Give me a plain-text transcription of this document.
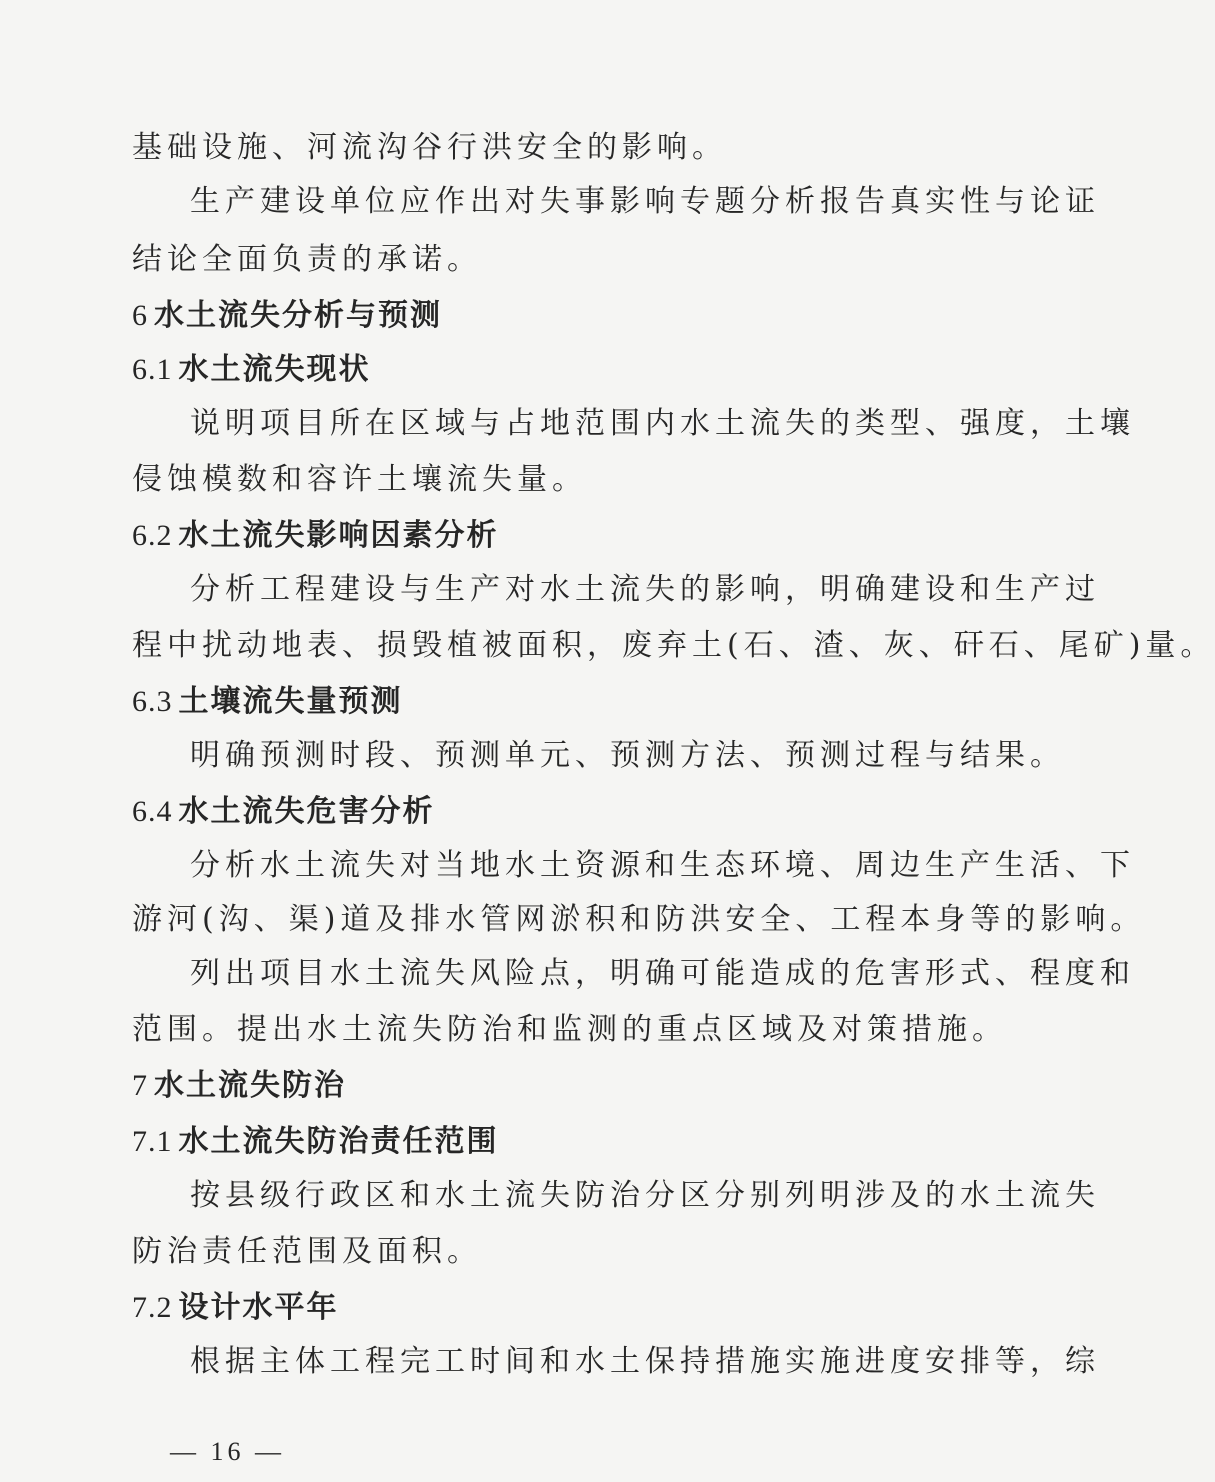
基础设施、河流沟谷行洪安全的影响。
生产建设单位应作出对失事影响专题分析报告真实性与论证
结论全面负责的承诺。
6 水土流失分析与预测
6.1 水土流失现状
说明项目所在区域与占地范围内水土流失的类型、强度，土壤
侵蚀模数和容许土壤流失量。
6.2 水土流失影响因素分析
分析工程建设与生产对水土流失的影响，明确建设和生产过
程中扰动地表、损毁植被面积，废弃土(石、渣、灰、矸石、尾矿)量。
6.3 土壤流失量预测
明确预测时段、预测单元、预测方法、预测过程与结果。
6.4 水土流失危害分析
分析水土流失对当地水土资源和生态环境、周边生产生活、下
游河(沟、渠)道及排水管网淤积和防洪安全、工程本身等的影响。
列出项目水土流失风险点，明确可能造成的危害形式、程度和
范围。提出水土流失防治和监测的重点区域及对策措施。
7 水土流失防治
7.1 水土流失防治责任范围
按县级行政区和水土流失防治分区分别列明涉及的水土流失
防治责任范围及面积。
7.2 设计水平年
根据主体工程完工时间和水土保持措施实施进度安排等，综
— 16 —
